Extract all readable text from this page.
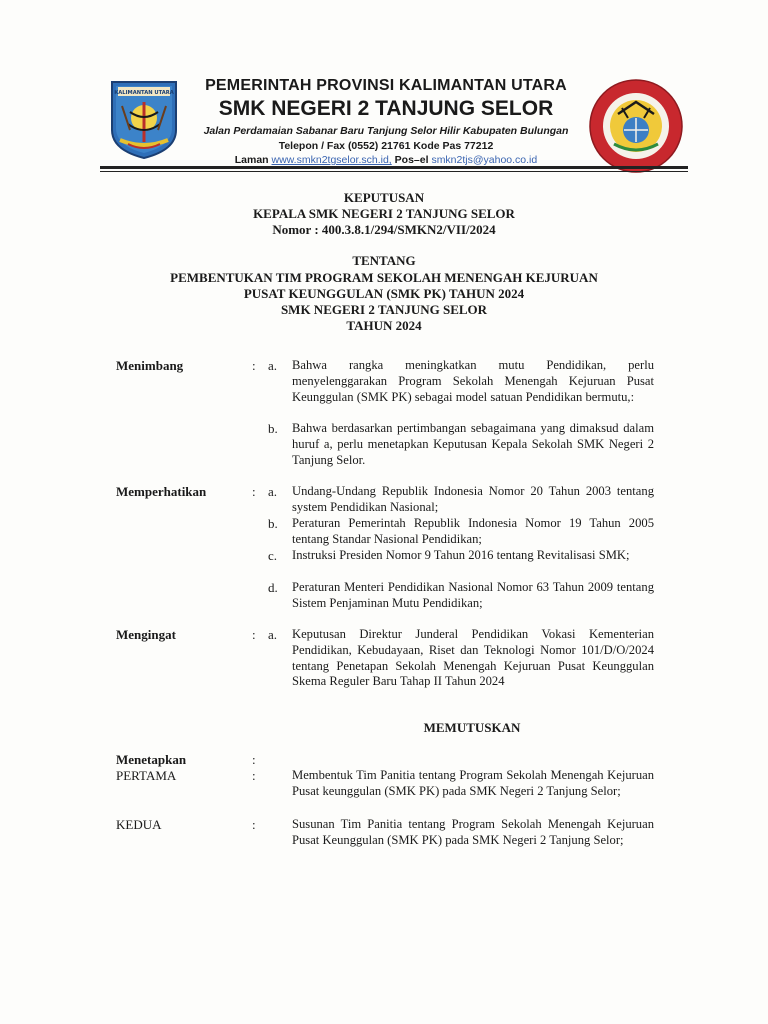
KALIMANTAN UTARA	PEMERINTAH PROVINSI KALIMANTAN UTARA
SMK NEGERI 2 TANJUNG SELOR
Jalan Perdamaian Sabanar Baru Tanjung Selor Hilir Kabupaten Bulungan
Telepon / Fax (0552) 21761 Kode Pas 77212
Laman www.smkn2tgselor.sch.id, Pos–el smkn2tjs@yahoo.co.id
KEPUTUSAN
KEPALA SMK NEGERI 2 TANJUNG SELOR
Nomor : 400.3.8.1/294/SMKN2/VII/2024
TENTANG
PEMBENTUKAN TIM PROGRAM SEKOLAH MENENGAH KEJURUAN
PUSAT KEUNGGULAN (SMK PK) TAHUN 2024
SMK NEGERI 2 TANJUNG SELOR
TAHUN 2024
Menimbang	: a. Bahwa rangka meningkatkan mutu Pendidikan, perlu menyelenggarakan Program Sekolah Menengah Kejuruan Pusat Keunggulan (SMK PK) sebagai model satuan Pendidikan bermutu,:
b. Bahwa berdasarkan pertimbangan sebagaimana yang dimaksud dalam huruf a, perlu menetapkan Keputusan Kepala Sekolah SMK Negeri 2 Tanjung Selor.
Memperhatikan	: a. Undang-Undang Republik Indonesia Nomor 20 Tahun 2003 tentang system Pendidikan Nasional;
b. Peraturan Pemerintah Republik Indonesia Nomor 19 Tahun 2005 tentang Standar Nasional Pendidikan;
c. Instruksi Presiden Nomor 9 Tahun 2016 tentang Revitalisasi SMK;
d. Peraturan Menteri Pendidikan Nasional Nomor 63 Tahun 2009 tentang Sistem Penjaminan Mutu Pendidikan;
Mengingat	: a. Keputusan Direktur Junderal Pendidikan Vokasi Kementerian Pendidikan, Kebudayaan, Riset dan Teknologi Nomor 101/D/O/2024 tentang Penetapan Sekolah Menengah Kejuruan Pusat Keunggulan Skema Reguler Baru Tahap II Tahun 2024
MEMUTUSKAN
Menetapkan	:
PERTAMA	:	Membentuk Tim Panitia tentang Program Sekolah Menengah Kejuruan Pusat keunggulan (SMK PK) pada SMK Negeri 2 Tanjung Selor;
KEDUA	:	Susunan Tim Panitia tentang Program Sekolah Menengah Kejuruan Pusat Keunggulan (SMK PK) pada SMK Negeri 2 Tanjung Selor;
